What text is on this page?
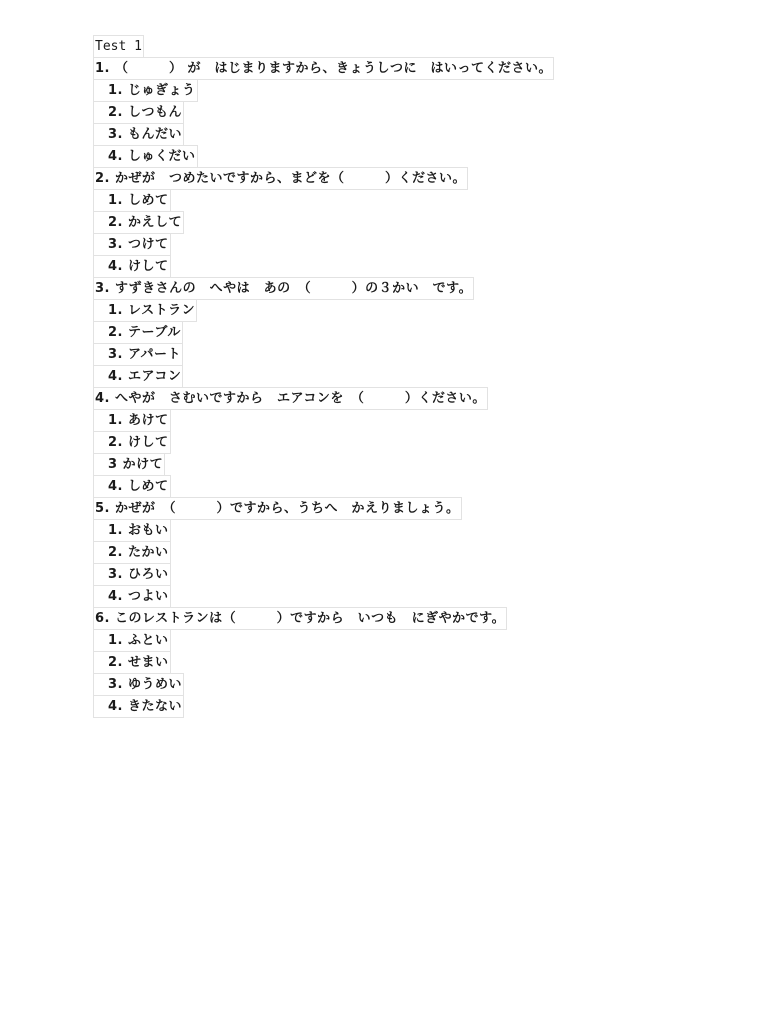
Test 1
1. （　　　） が　はじまりますから、きょうしつに　はいってください。
1. じゅぎょう
2. しつもん
3. もんだい
4. しゅくだい
2. かぜが　つめたいですから、まどを（　　　）ください。
1. しめて
2. かえして
3. つけて
4. けして
3. すずきさんの　へやは　あの　（　　　）の３かい　です。
1. レストラン
2. テーブル
3. アパート
4. エアコン
4. へやが　さむいですから　エアコンを　（　　　）ください。
1. あけて
2. けして
3 かけて
4. しめて
5. かぜが　（　　　）ですから、うちへ　かえりましょう。
1. おもい
2. たかい
3. ひろい
4. つよい
6. このレストランは（　　　）ですから　いつも　にぎやかです。
1. ふとい
2. せまい
3. ゆうめい
4. きたない
